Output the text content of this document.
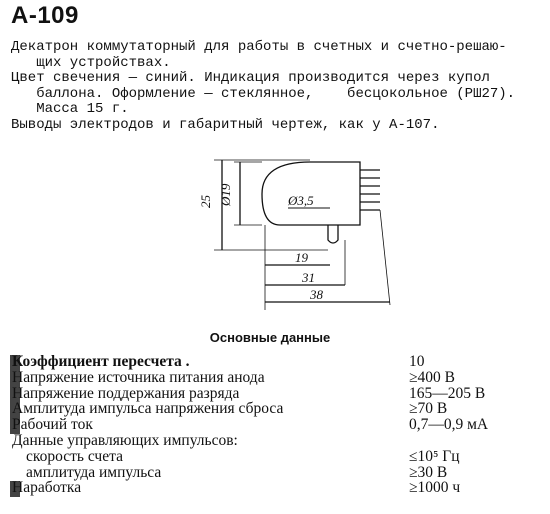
А-109

Декатрон коммутаторный для работы в счетных и счетно-решаю-

щих устройствах.

Цвет свечения — синий. Индикация производится через купол

баллона. Оформление — стеклянное,    бесцокольное (РШ27).

Масса 15 г.

Выводы электродов и габаритный чертеж, как у А-107.

25 Ø19	Ø3,5
19
31
38
Основные данные
Коэффициент пересчета .	10
Напряжение источника питания анода	≥400 В
Напряжение поддержания разряда	165—205 В
Амплитуда импульса напряжения сброса	≥70 В
Рабочий ток	0,7—0,9 мА
Данные управляющих импульсов:
скорость счета	≤10⁵ Гц
амплитуда импульса	≥30 В
Наработка	≥1000 ч
